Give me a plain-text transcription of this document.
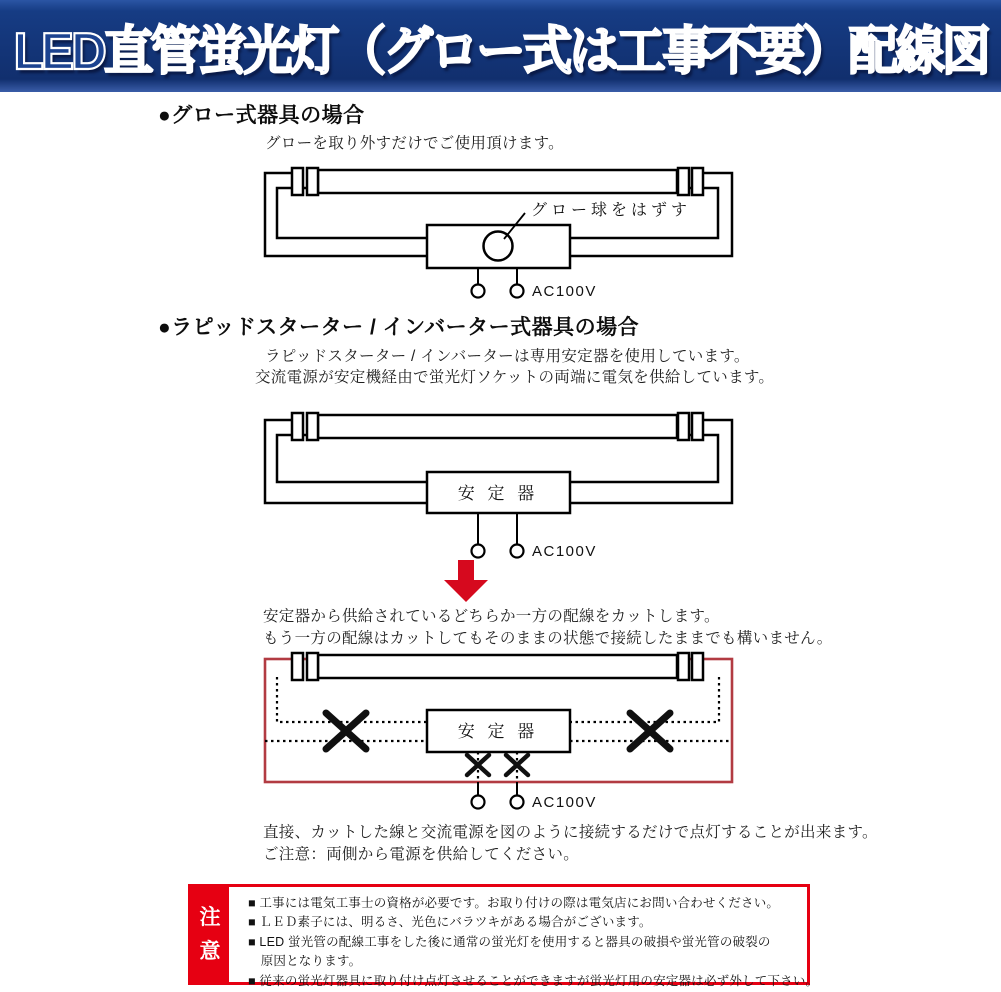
LED直管蛍光灯（グロー式は工事不要）配線図
●グロー式器具の場合
グローを取り外すだけでご使用頂けます。
グロー球をはずす
AC100V
●ラピッドスターター / インバーター式器具の場合
ラピッドスターター / インバーターは専用安定器を使用しています。
交流電源が安定機経由で蛍光灯ソケットの両端に電気を供給しています。
安 定 器
AC100V
安定器から供給されているどちらか一方の配線をカットします。
もう一方の配線はカットしてもそのままの状態で接続したままでも構いません。
安 定 器
AC100V
直接、カットした線と交流電源を図のように接続するだけで点灯することが出来ます。
ご注意：両側から電源を供給してください。
注
意
■ 工事には電気工事士の資格が必要です。お取り付けの際は電気店にお問い合わせください。
■ ＬＥＤ素子には、明るさ、光色にバラツキがある場合がございます。
■ LED 蛍光管の配線工事をした後に通常の蛍光灯を使用すると器具の破損や蛍光管の破裂の
　原因となります。
■ 従来の蛍光灯器具に取り付け点灯させることができますが蛍光灯用の安定器は必ず外して下さい。
